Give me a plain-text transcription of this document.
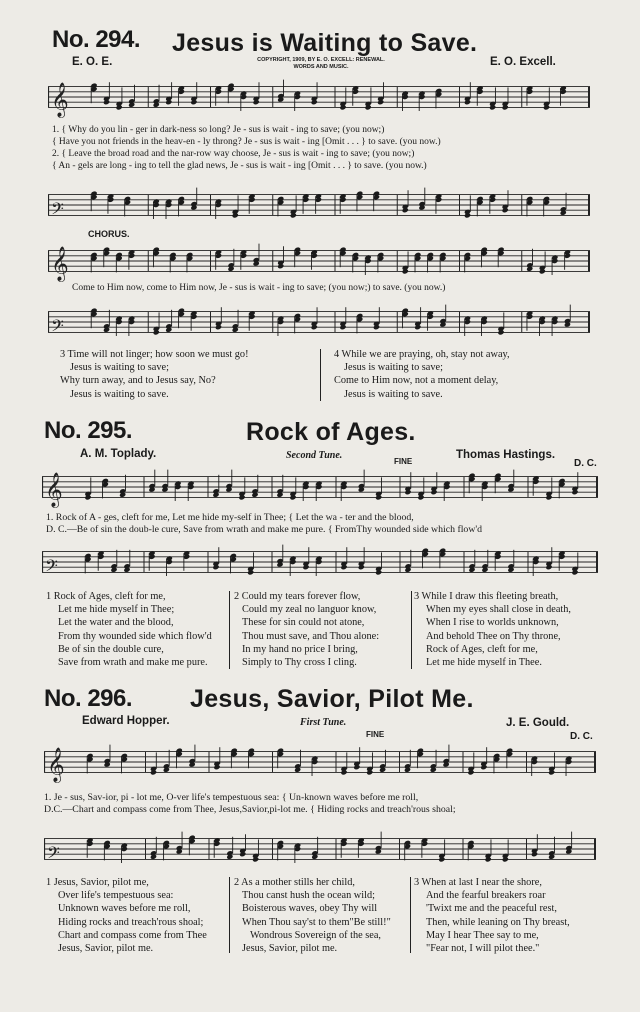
No. 294. Jesus is Waiting to Save.
E. O. E.	COPYRIGHT, 1909, BY E. O. EXCELL: RENEWAL.
WORDS AND MUSIC.	E. O. Excell.
𝄞
1. { Why do you lin - ger in dark-ness so long? Je - sus is wait - ing to save; (you now;)
{ Have you not friends in the heav-en - ly throng? Je - sus is wait - ing [Omit . . . } to save. (you now.)
2. { Leave the broad road and the nar-row way choose, Je - sus is wait - ing to save; (you now;)
{ An - gels are long - ing to tell the glad news, Je - sus is wait - ing [Omit . . . } to save. (you now.)
𝄢
CHORUS.
𝄞
Come to Him now, come to Him now, Je - sus is wait - ing to save; (you now;) to save. (you now.)
𝄢
3 Time will not linger; how soon we must go!
Jesus is waiting to save;
Why turn away, and to Jesus say, No?
Jesus is waiting to save.
4 While we are praying, oh, stay not away,
Jesus is waiting to save;
Come to Him now, not a moment delay,
Jesus is waiting to save.
No. 295.	Rock of Ages.
A. M. Toplady.	Second Tune.	Thomas Hastings.
FINE	D. C.
𝄞
1. Rock of A - ges, cleft for me, Let me hide my-self in Thee; { Let the wa - ter and the blood,
D. C.—Be of sin the doub-le cure, Save from wrath and make me pure. { FromThy wounded side which flow'd
𝄢
1 Rock of Ages, cleft for me,
Let me hide myself in Thee;
Let the water and the blood,
From thy wounded side which flow'd
Be of sin the double cure,
Save from wrath and make me pure.
2 Could my tears forever flow,
Could my zeal no languor know,
These for sin could not atone,
Thou must save, and Thou alone:
In my hand no price I bring,
Simply to Thy cross I cling.
3 While I draw this fleeting breath,
When my eyes shall close in death,
When I rise to worlds unknown,
And behold Thee on Thy throne,
Rock of Ages, cleft for me,
Let me hide myself in Thee.
No. 296. Jesus, Savior, Pilot Me.
Edward Hopper.	First Tune.	J. E. Gould.
FINE	D. C.
𝄞
1. Je - sus, Sav-ior, pi - lot me, O-ver life's tempestuous sea: { Un-known waves before me roll,
D.C.—Chart and compass come from Thee, Jesus,Savior,pi-lot me. { Hiding rocks and treach'rous shoal;
𝄢
1 Jesus, Savior, pilot me,
Over life's tempestuous sea:
Unknown waves before me roll,
Hiding rocks and treach'rous shoal;
Chart and compass come from Thee
Jesus, Savior, pilot me.
2 As a mother stills her child,
Thou canst hush the ocean wild;
Boisterous waves, obey Thy will
When Thou say'st to them"Be still!"
Wondrous Sovereign of the sea,
Jesus, Savior, pilot me.
3 When at last I near the shore,
And the fearful breakers roar
'Twixt me and the peaceful rest,
Then, while leaning on Thy breast,
May I hear Thee say to me,
"Fear not, I will pilot thee."
